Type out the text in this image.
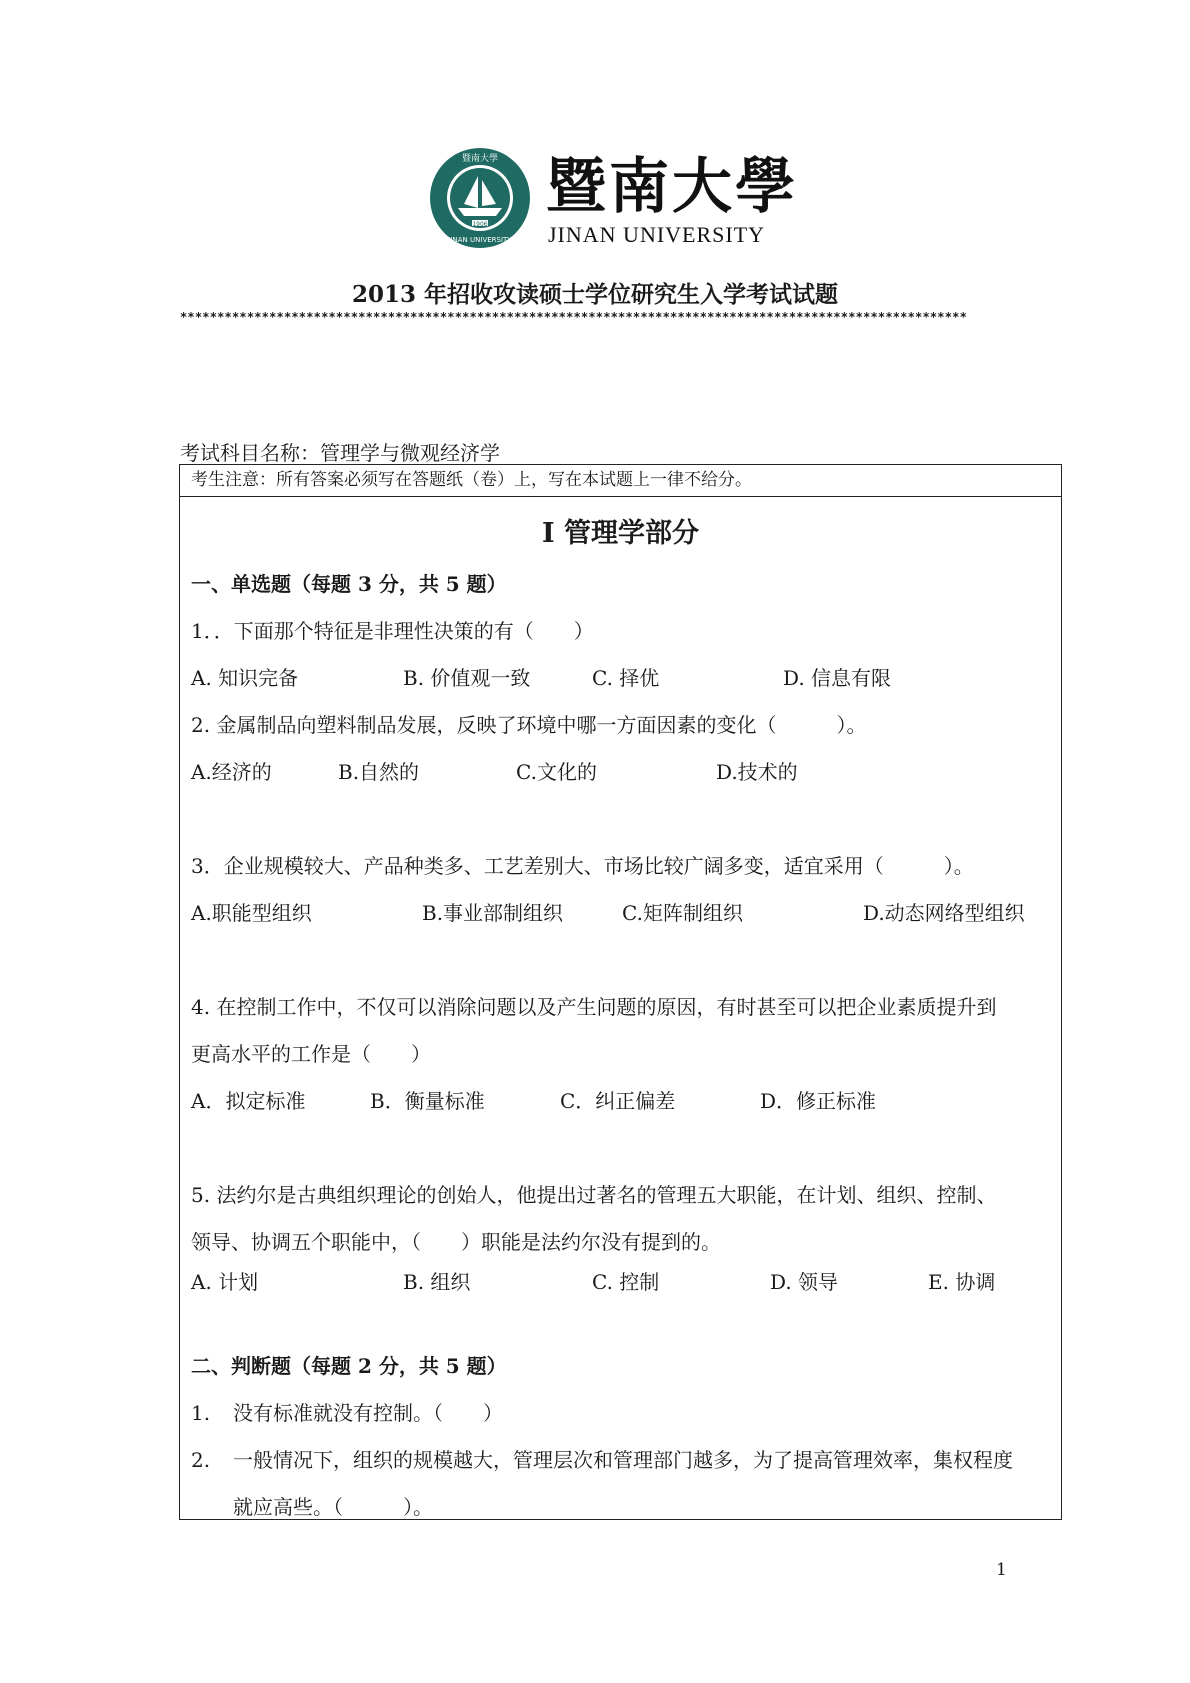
暨南大學
1906
JINAN UNIVERSITY
暨南大學
JINAN UNIVERSITY
2013 年招收攻读硕士学位研究生入学考试试题
**********************************************************************************************************
考试科目名称：管理学与微观经济学
考生注意：所有答案必须写在答题纸（卷）上，写在本试题上一律不给分。
Ⅰ 管理学部分
一、单选题（每题 3 分，共 5 题）
1．．下面那个特征是非理性决策的有（　　）
A. 知识完备	B. 价值观一致	C. 择优	D. 信息有限
2. 金属制品向塑料制品发展，反映了环境中哪一方面因素的变化（　　　）。
A.经济的	B.自然的	C.文化的	D.技术的
3．企业规模较大、产品种类多、工艺差别大、市场比较广阔多变，适宜采用（　　　）。
A.职能型组织	B.事业部制组织	C.矩阵制组织	D.动态网络型组织
4. 在控制工作中，不仅可以消除问题以及产生问题的原因，有时甚至可以把企业素质提升到
更高水平的工作是（　　）
A．拟定标准	B．衡量标准	C．纠正偏差	D．修正标准
5. 法约尔是古典组织理论的创始人，他提出过著名的管理五大职能，在计划、组织、控制、
领导、协调五个职能中，（　　）职能是法约尔没有提到的。
A. 计划	B. 组织	C. 控制	D. 领导	E. 协调
二、判断题（每题 2 分，共 5 题）
1. 没有标准就没有控制。（　　）
2. 一般情况下，组织的规模越大，管理层次和管理部门越多，为了提高管理效率，集权程度
就应高些。（　　　）。
1
